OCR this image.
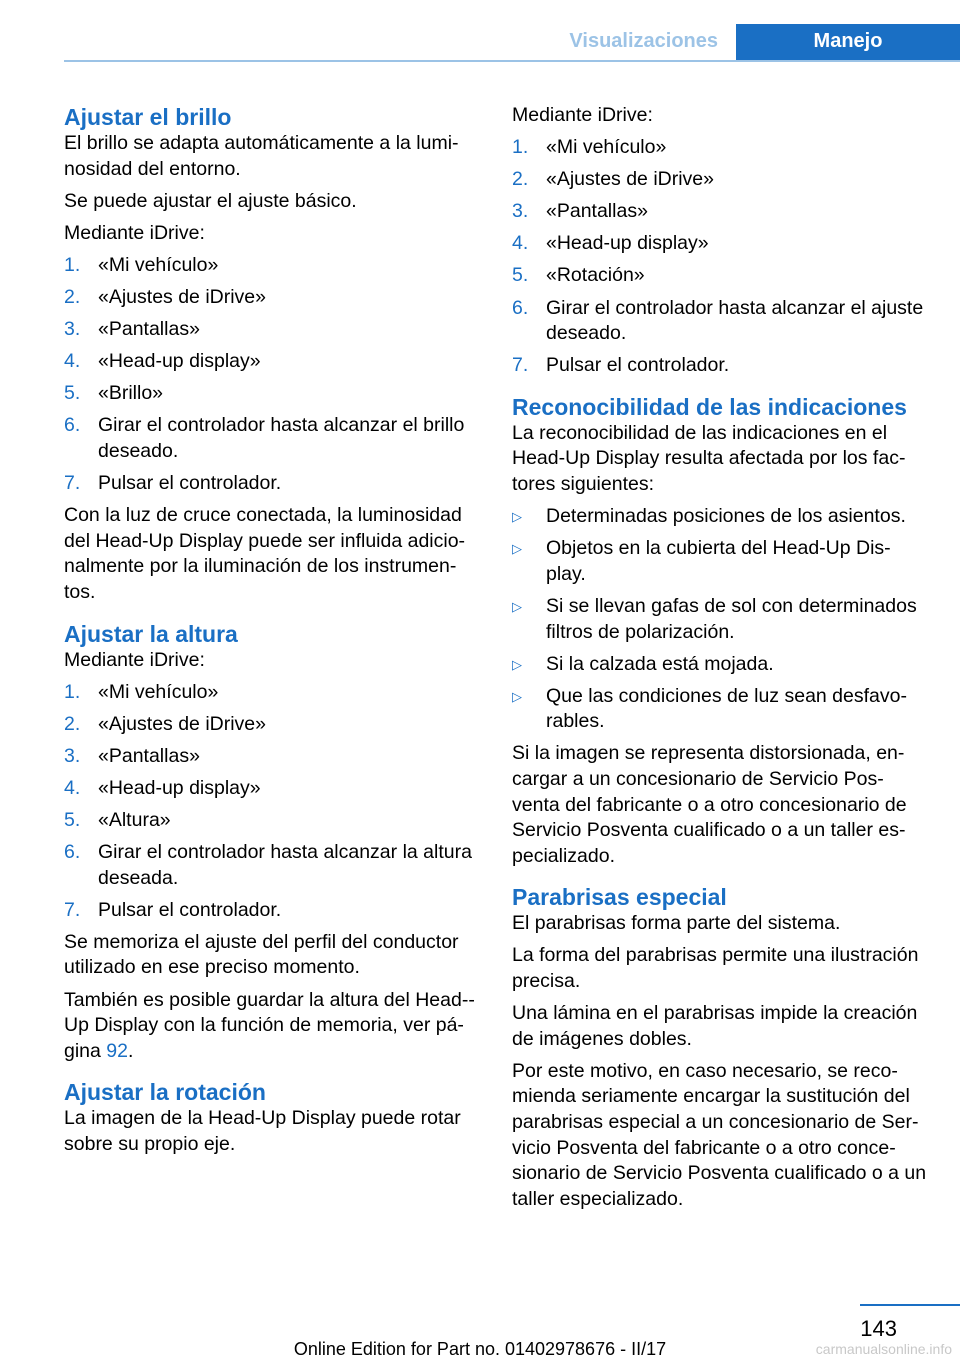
Visualizaciones	Manejo
Ajustar el brillo

El brillo se adapta automáticamente a la lumi‐nosidad del entorno.

Se puede ajustar el ajuste básico.

Mediante iDrive:

1. «Mi vehículo»
2. «Ajustes de iDrive»
3. «Pantallas»
4. «Head-up display»
5. «Brillo»
6. Girar el controlador hasta alcanzar el brillo deseado.
7. Pulsar el controlador.

Con la luz de cruce conectada, la luminosidad del Head-Up Display puede ser influida adicio‐nalmente por la iluminación de los instrumen‐tos.

Ajustar la altura

Mediante iDrive:

1. «Mi vehículo»
2. «Ajustes de iDrive»
3. «Pantallas»
4. «Head-up display»
5. «Altura»
6. Girar el controlador hasta alcanzar la altura deseada.
7. Pulsar el controlador.

Se memoriza el ajuste del perfil del conductor utilizado en ese preciso momento.

También es posible guardar la altura del Head-‐Up Display con la función de memoria, ver pá‐gina 92.

Ajustar la rotación

La imagen de la Head-Up Display puede rotar sobre su propio eje.

Mediante iDrive:

1. «Mi vehículo»
2. «Ajustes de iDrive»
3. «Pantallas»
4. «Head-up display»
5. «Rotación»
6. Girar el controlador hasta alcanzar el ajuste deseado.
7. Pulsar el controlador.
Reconocibilidad de las indicaciones

La reconocibilidad de las indicaciones en el Head-Up Display resulta afectada por los fac‐tores siguientes:

▷ Determinadas posiciones de los asientos.
▷ Objetos en la cubierta del Head-Up Dis‐play.
▷ Si se llevan gafas de sol con determinados filtros de polarización.
▷ Si la calzada está mojada.
▷ Que las condiciones de luz sean desfavo‐rables.

Si la imagen se representa distorsionada, en‐cargar a un concesionario de Servicio Pos‐venta del fabricante o a otro concesionario de Servicio Posventa cualificado o a un taller es‐pecializado.

Parabrisas especial

El parabrisas forma parte del sistema.

La forma del parabrisas permite una ilustración precisa.

Una lámina en el parabrisas impide la creación de imágenes dobles.

Por este motivo, en caso necesario, se reco‐mienda seriamente encargar la sustitución del parabrisas especial a un concesionario de Ser‐vicio Posventa del fabricante o a otro conce‐sionario de Servicio Posventa cualificado o a un taller especializado.

143
Online Edition for Part no. 01402978676 - II/17	carmanualsonline.info
